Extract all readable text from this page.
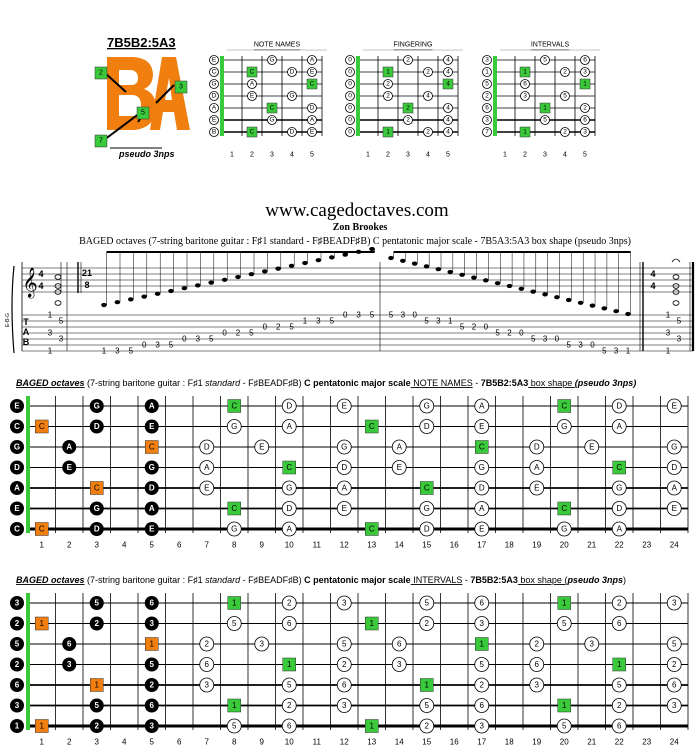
7B5B2:5A3
2
3
5
7
pseudo 3nps
NOTE NAMES
E
C
G
D
A
E
B
G	A
C	D E
A	C
E	G
C	D
G	A
C	D E
1 2 3 4 5
FINGERING
0
0
0
0
0
0
0
2	4
1	2	4
2	4
2	4
2	4
2	4
1	2	4
1 2 3 4 5
INTERVALS
3
1
5
2
6
3
7
5	6
1	2	3
6	1
3	5
1	2
5	6
1	2	3
1 2 3 4 5
www.cagedoctaves.com
Zon Brookes
BAGED octaves (7-string baritone guitar : F♯1 standard - F♯BEADF♯B) C pentatonic major scale - 7B5A3:5A3 box shape (pseudo 3nps)
E-B-G
𝄞 4
4
T
A
B
1
5
3
3
1
21
8
1 3 5
0 3 5
0 3 5
0 2 5
0 2 5
1 3 5
0 3 5 5 3 0
5 3 1
5 2 0
5 2 0
5 3 0
5 3 0
5 3 1
4
4
1
5
3
3
1
BAGED octaves (7-string baritone guitar : F♯1 standard - F♯BEADF♯B) C pentatonic major scale NOTE NAMES - 7B5B2:5A3 box shape (pseudo 3nps)
E
C
G
D
A
E
C
G	A	C	D	E	G	A	C	D	E
C	D	E	G	A	C	D	E	G	A
A	C	D	E	G	A	C	D	E	G
E	G	A	C	D	E	G	A	C	D
C	D	E	G	A	C	D	E	G	A
G	A	C	D	E	G	A	C	D	E
C	D	E	G	A	C	D	E	G	A
1	2	3	4	5	6	7	8	9	10 11 12 13 14 15 16 17 18 19 20 21 22 23 24
BAGED octaves (7-string baritone guitar : F♯1 standard - F♯BEADF♯B) C pentatonic major scale INTERVALS - 7B5B2:5A3 box shape (pseudo 3nps)
3
2
5
2
6
3
1
5	6	1	2	3	5	6	1	2	3
1	2	3	5	6	1	2	3	5	6
6	1	2	3	5	6	1	2	3	5
3	5	6	1	2	3	5	6	1	2
1	2	3	5	6	1	2	3	5	6
5	6	1	2	3	5	6	1	2	3
1	2	3	5	6	1	2	3	5	6
1	2	3	4	5	6	7	8	9	10 11 12 13 14 15 16 17 18 19 20 21 22 23 24
